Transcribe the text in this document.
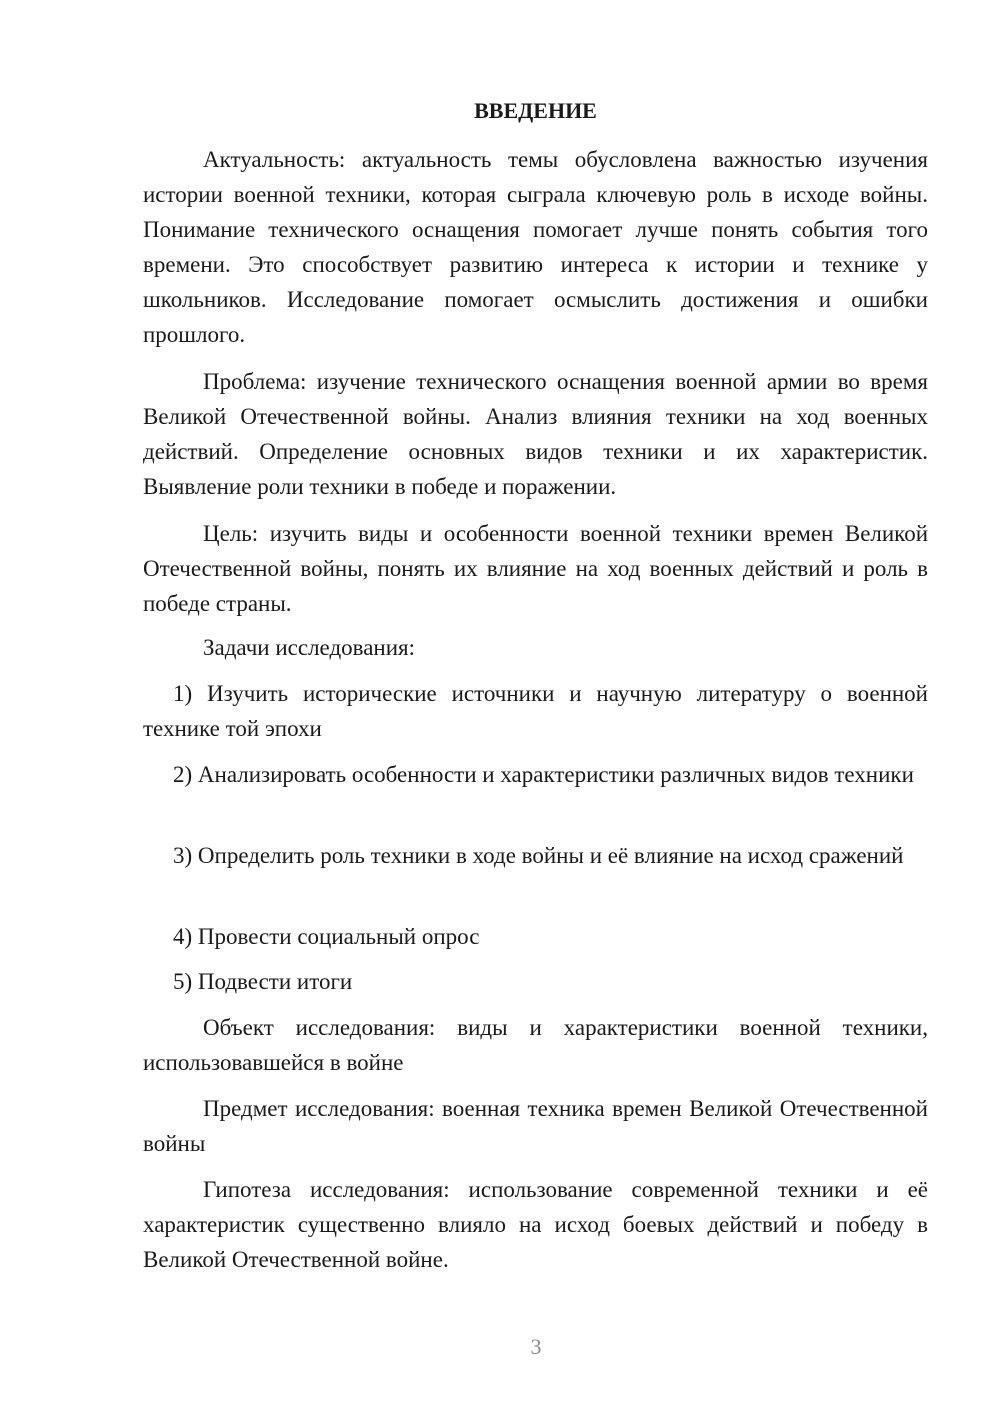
ВВЕДЕНИЕ

Актуальность: актуальность темы обусловлена важностью изучения истории военной техники, которая сыграла ключевую роль в исходе войны. Понимание технического оснащения помогает лучше понять события того времени. Это способствует развитию интереса к истории и технике у школьников. Исследование помогает осмыслить достижения и ошибки прошлого.

Проблема: изучение технического оснащения военной армии во время Великой Отечественной войны. Анализ влияния техники на ход военных действий. Определение основных видов техники и их характеристик. Выявление роли техники в победе и поражении.

Цель: изучить виды и особенности военной техники времен Великой Отечественной войны, понять их влияние на ход военных действий и роль в победе страны.

Задачи исследования:

1) Изучить исторические источники и научную литературу о военной технике той эпохи

2) Анализировать особенности и характеристики различных видов техники

3) Определить роль техники в ходе войны и её влияние на исход сражений

4) Провести социальный опрос

5) Подвести итоги

Объект исследования: виды и характеристики военной техники, использовавшейся в войне

Предмет исследования: военная техника времен Великой Отечественной войны

Гипотеза исследования: использование современной техники и её характеристик существенно влияло на исход боевых действий и победу в Великой Отечественной войне.

3
